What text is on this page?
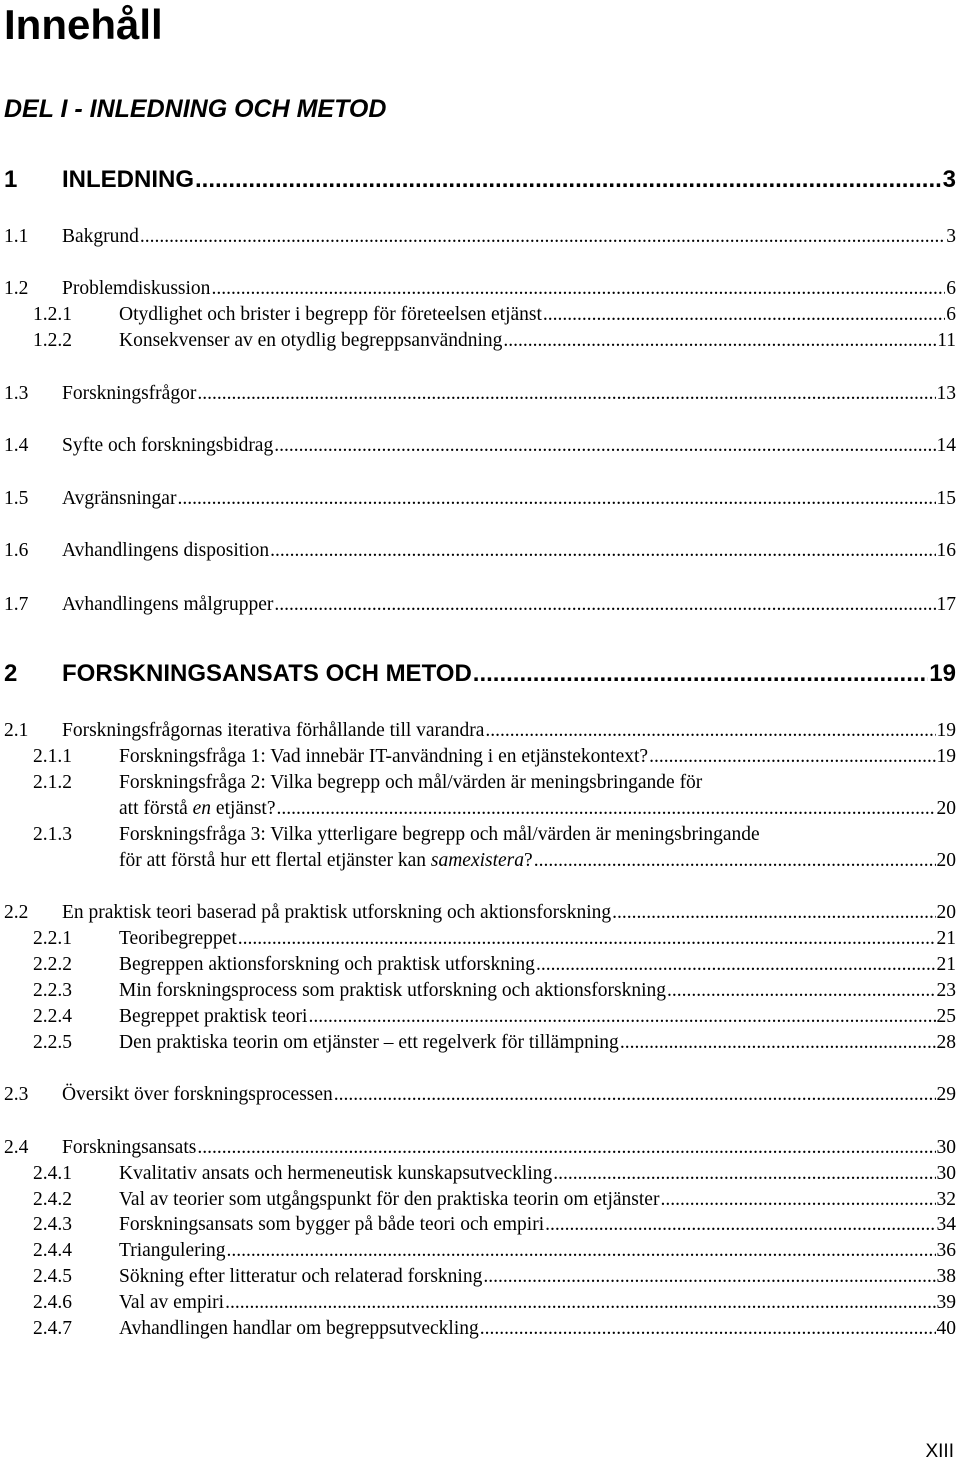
Innehåll
DEL I - INLEDNING OCH METOD
1 INLEDNING .....	3
1.1 Bakgrund .....	3
1.2 Problemdiskussion .....	6
1.2.1 Otydlighet och brister i begrepp för företeelsen etjänst .....	6
1.2.2 Konsekvenser av en otydlig begreppsanvändning .....	11
1.3 Forskningsfrågor .....	13
1.4 Syfte och forskningsbidrag .....	14
1.5 Avgränsningar .....	15
1.6 Avhandlingens disposition .....	16
1.7 Avhandlingens målgrupper .....	17
2 FORSKNINGSANSATS OCH METOD .....	19
2.1 Forskningsfrågornas iterativa förhållande till varandra .....	19
2.1.1 Forskningsfråga 1: Vad innebär IT-användning i en etjänstekontext? .....	19
2.1.2 Forskningsfråga 2: Vilka begrepp och mål/värden är meningsbringande för
att förstå en etjänst? .....	20
2.1.3 Forskningsfråga 3: Vilka ytterligare begrepp och mål/värden är meningsbringande
för att förstå hur ett flertal etjänster kan samexistera? .....	20
2.2 En praktisk teori baserad på praktisk utforskning och aktionsforskning .....	20
2.2.1 Teoribegreppet .....	21
2.2.2 Begreppen aktionsforskning och praktisk utforskning .....	21
2.2.3 Min forskningsprocess som praktisk utforskning och aktionsforskning .....	23
2.2.4 Begreppet praktisk teori .....	25
2.2.5 Den praktiska teorin om etjänster – ett regelverk för tillämpning .....	28
2.3 Översikt över forskningsprocessen .....	29
2.4 Forskningsansats .....	30
2.4.1 Kvalitativ ansats och hermeneutisk kunskapsutveckling .....	30
2.4.2 Val av teorier som utgångspunkt för den praktiska teorin om etjänster .....	32
2.4.3 Forskningsansats som bygger på både teori och empiri .....	34
2.4.4 Triangulering .....	36
2.4.5 Sökning efter litteratur och relaterad forskning .....	38
2.4.6 Val av empiri .....	39
2.4.7 Avhandlingen handlar om begreppsutveckling .....	40
XIII
